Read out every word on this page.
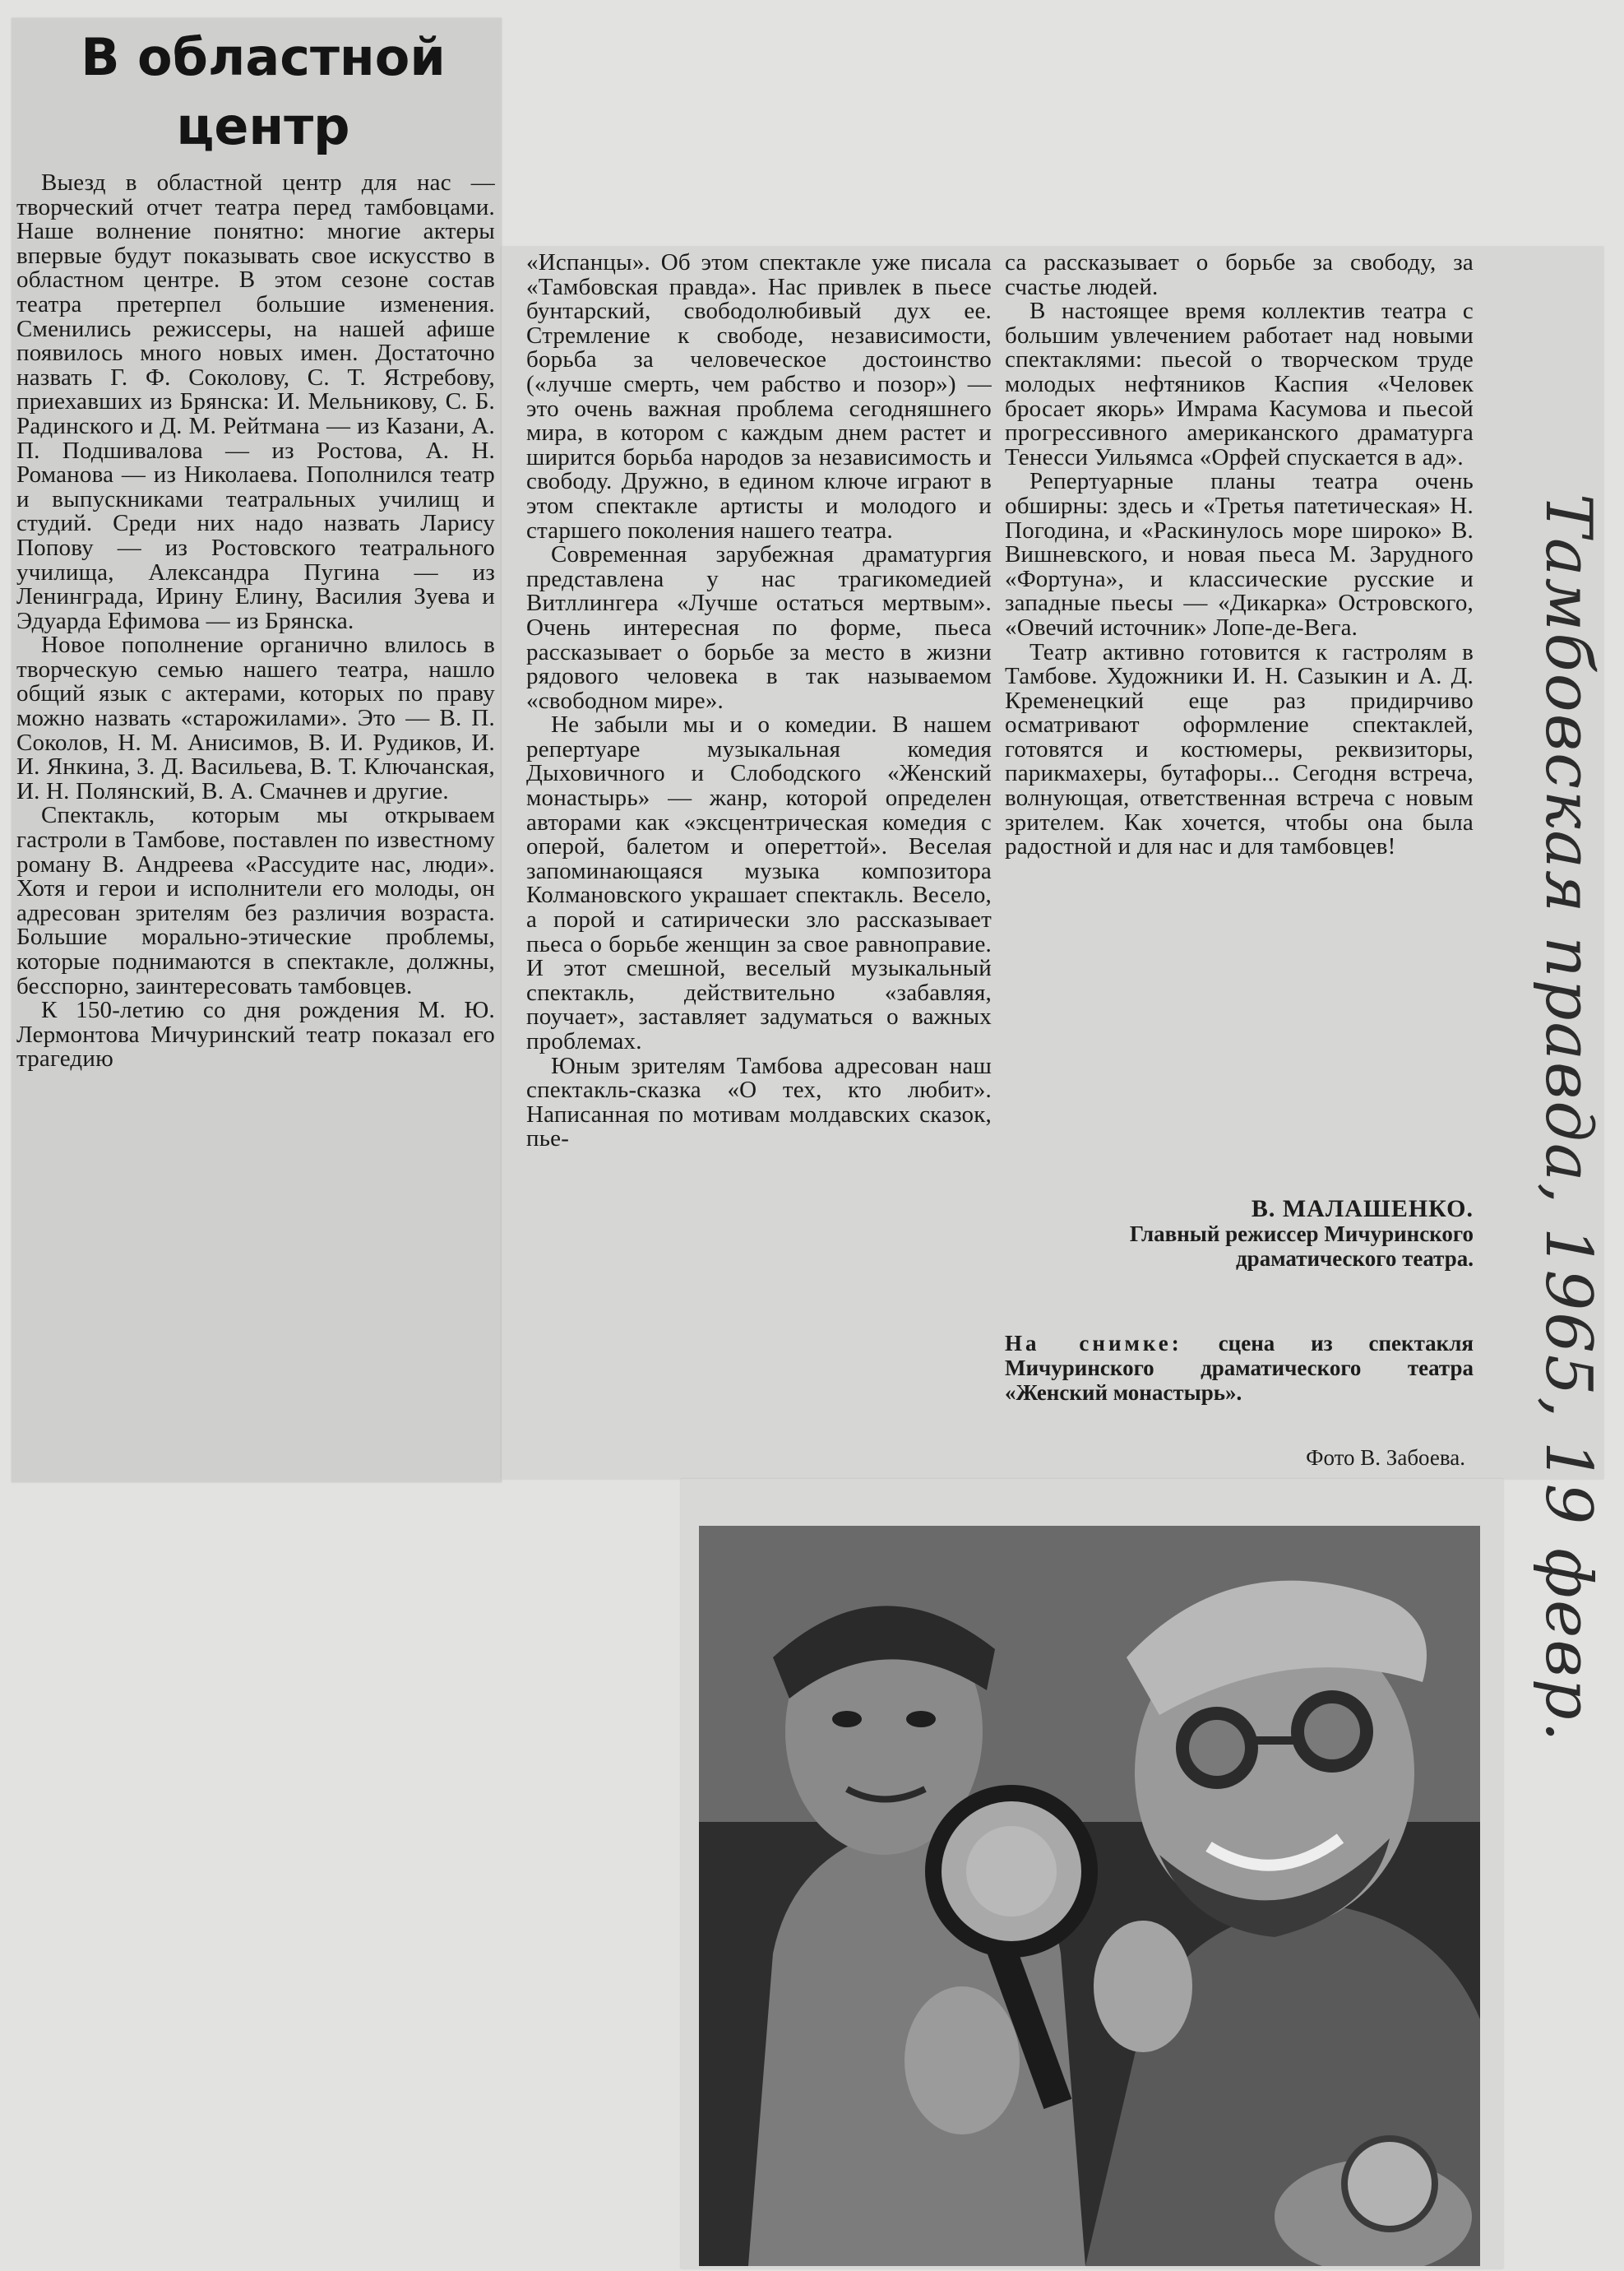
В областной
центр

Выезд в областной центр для нас — творческий отчет театра перед тамбовцами. Наше волнение понятно: многие актеры впервые будут показывать свое искусство в областном центре. В этом сезоне состав театра претерпел большие изменения. Сменились режиссеры, на нашей афише появилось много новых имен. Достаточно назвать Г. Ф. Соколову, С. Т. Ястребову, приехавших из Брянска: И. Мельникову, С. Б. Радинского и Д. М. Рейтмана — из Казани, А. П. Подшивалова — из Ростова, А. Н. Романова — из Николаева. Пополнился театр и выпускниками театральных училищ и студий. Среди них надо назвать Ларису Попову — из Ростовского театрального училища, Александра Пугина — из Ленинграда, Ирину Елину, Василия Зуева и Эдуарда Ефимова — из Брянска.

Новое пополнение органично влилось в творческую семью нашего театра, нашло общий язык с актерами, которых по праву можно назвать «старожилами». Это — В. П. Соколов, Н. М. Анисимов, В. И. Рудиков, И. И. Янкина, З. Д. Васильева, В. Т. Ключанская, И. Н. Полянский, В. А. Смачнев и другие.

Спектакль, которым мы открываем гастроли в Тамбове, поставлен по известному роману В. Андреева «Рассудите нас, люди». Хотя и герои и исполнители его молоды, он адресован зрителям без различия возраста. Большие морально-этические проблемы, которые поднимаются в спектакле, должны, бесспорно, заинтересовать тамбовцев.

К 150-летию со дня рождения М. Ю. Лермонтова Мичуринский театр показал его трагедию

«Испанцы». Об этом спектакле уже писала «Тамбовская правда». Нас привлек в пьесе бунтарский, свободолюбивый дух ее. Стремление к свободе, независимости, борьба за человеческое достоинство («лучше смерть, чем рабство и позор») — это очень важная проблема сегодняшнего мира, в котором с каждым днем растет и ширится борьба народов за независимость и свободу. Дружно, в едином ключе играют в этом спектакле артисты и молодого и старшего поколения нашего театра.

Современная зарубежная драматургия представлена у нас трагикомедией Витллингера «Лучше остаться мертвым». Очень интересная по форме, пьеса рассказывает о борьбе за место в жизни рядового человека в так называемом «свободном мире».

Не забыли мы и о комедии. В нашем репертуаре музыкальная комедия Дыховичного и Слободского «Женский монастырь» — жанр, которой определен авторами как «эксцентрическая комедия с оперой, балетом и опереттой». Веселая запоминающаяся музыка композитора Колмановского украшает спектакль. Весело, а порой и сатирически зло рассказывает пьеса о борьбе женщин за свое равноправие. И этот смешной, веселый музыкальный спектакль, действительно «забавляя, поучает», заставляет задуматься о важных проблемах.

Юным зрителям Тамбова адресован наш спектакль-сказка «О тех, кто любит». Написанная по мотивам молдавских сказок, пье-

са рассказывает о борьбе за свободу, за счастье людей.

В настоящее время коллектив театра с большим увлечением работает над новыми спектаклями: пьесой о творческом труде молодых нефтяников Каспия «Человек бросает якорь» Имрама Касумова и пьесой прогрессивного американского драматурга Тенесси Уильямса «Орфей спускается в ад».

Репертуарные планы театра очень обширны: здесь и «Третья патетическая» Н. Погодина, и «Раскинулось море широко» В. Вишневского, и новая пьеса М. Зарудного «Фортуна», и классические русские и западные пьесы — «Дикарка» Островского, «Овечий источник» Лопе-де-Вега.

Театр активно готовится к гастролям в Тамбове. Художники И. Н. Сазыкин и А. Д. Кременецкий еще раз придирчиво осматривают оформление спектаклей, готовятся и костюмеры, реквизиторы, парикмахеры, бутафоры... Сегодня встреча, волнующая, ответственная встреча с новым зрителем. Как хочется, чтобы она была радостной и для нас и для тамбовцев!

В. МАЛАШЕНКО.
Главный режиссер Мичуринского драматического театра.
На снимке: сцена из спектакля Мичуринского драматического театра «Женский монастырь».
Фото В. Забоева. Тамбовская правда, 1965, 19 февр.
